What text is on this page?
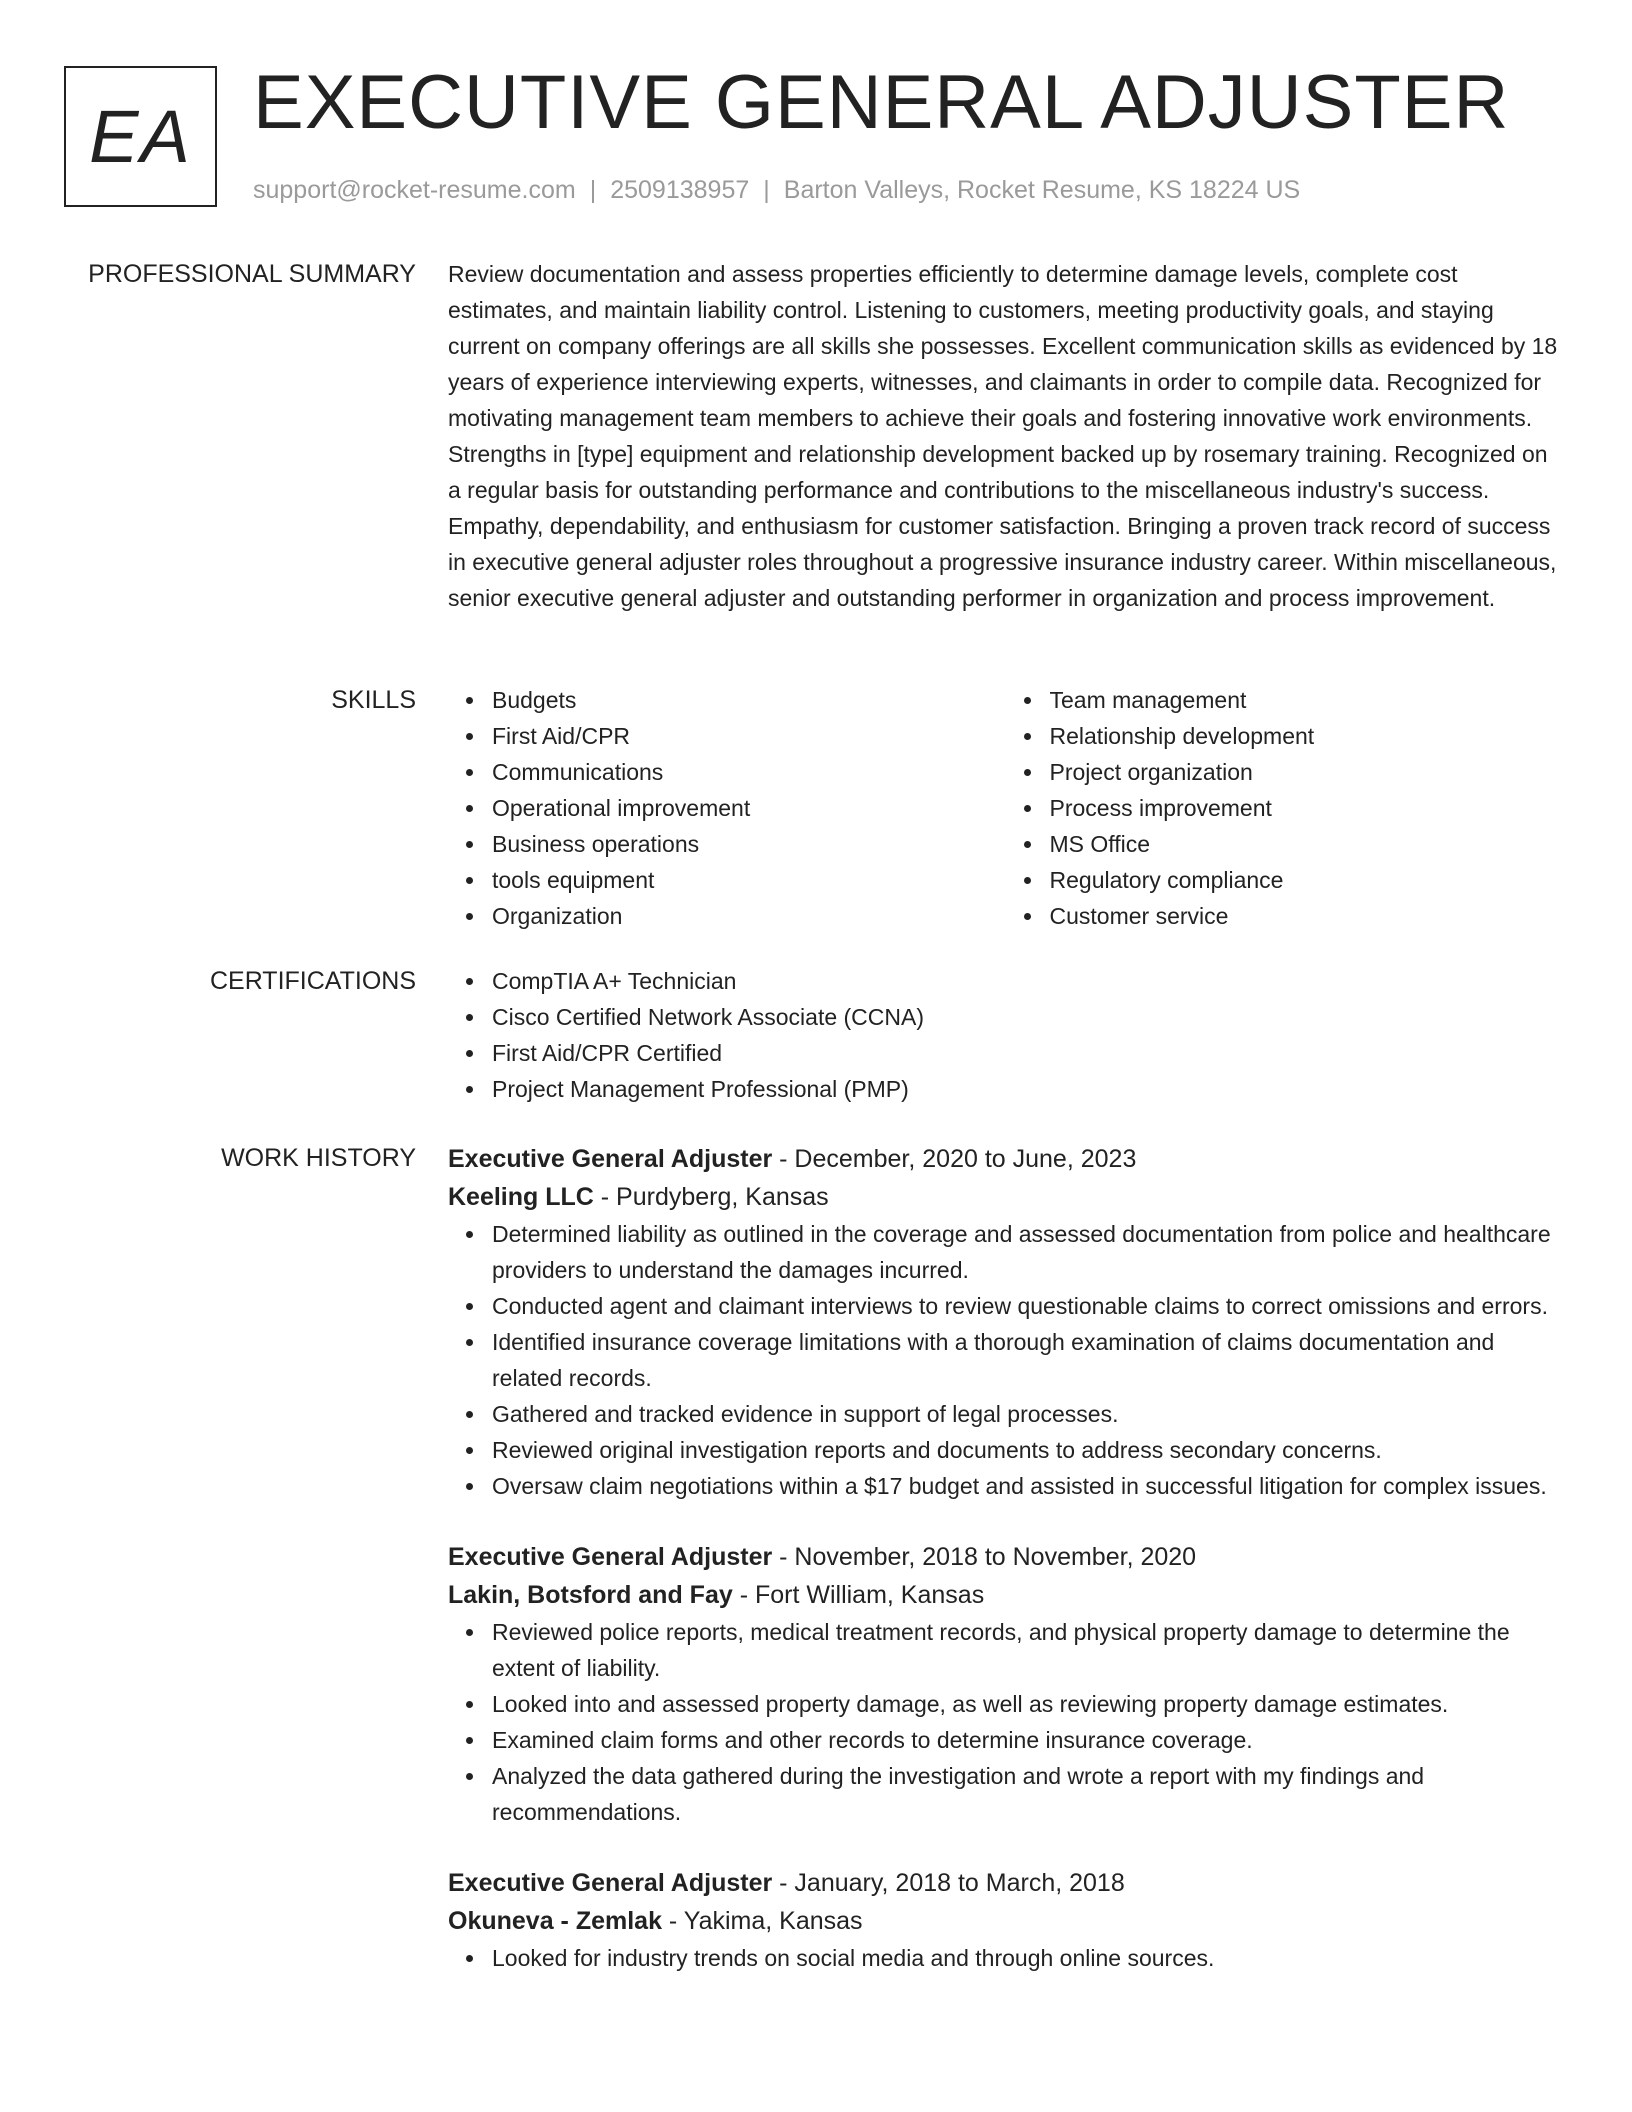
EA EXECUTIVE GENERAL ADJUSTER
support@rocket-resume.com | 2509138957 | Barton Valleys, Rocket Resume, KS 18224 US
PROFESSIONAL SUMMARY Review documentation and assess properties efficiently to determine damage levels, complete cost estimates, and maintain liability control. Listening to customers, meeting productivity goals, and staying current on company offerings are all skills she possesses. Excellent communication skills as evidenced by 18 years of experience interviewing experts, witnesses, and claimants in order to compile data. Recognized for motivating management team members to achieve their goals and fostering innovative work environments. Strengths in [type] equipment and relationship development backed up by rosemary training. Recognized on a regular basis for outstanding performance and contributions to the miscellaneous industry's success. Empathy, dependability, and enthusiasm for customer satisfaction. Bringing a proven track record of success in executive general adjuster roles throughout a progressive insurance industry career. Within miscellaneous, senior executive general adjuster and outstanding performer in organization and process improvement.

SKILLS	Budgets
First Aid/CPR
Communications
Operational improvement
Business operations
tools equipment
Organization
Team management
Relationship development
Project organization
Process improvement
MS Office
Regulatory compliance
Customer service
CERTIFICATIONS	CompTIA A+ Technician
Cisco Certified Network Associate (CCNA)
First Aid/CPR Certified
Project Management Professional (PMP)
WORK HISTORY Executive General Adjuster - December, 2020 to June, 2023
Keeling LLC - Purdyberg, Kansas
Determined liability as outlined in the coverage and assessed documentation from police and healthcare providers to understand the damages incurred.
Conducted agent and claimant interviews to review questionable claims to correct omissions and errors.
Identified insurance coverage limitations with a thorough examination of claims documentation and related records.
Gathered and tracked evidence in support of legal processes.
Reviewed original investigation reports and documents to address secondary concerns.
Oversaw claim negotiations within a $17 budget and assisted in successful litigation for complex issues.
Executive General Adjuster - November, 2018 to November, 2020
Lakin, Botsford and Fay - Fort William, Kansas
Reviewed police reports, medical treatment records, and physical property damage to determine the extent of liability.
Looked into and assessed property damage, as well as reviewing property damage estimates.
Examined claim forms and other records to determine insurance coverage.
Analyzed the data gathered during the investigation and wrote a report with my findings and recommendations.
Executive General Adjuster - January, 2018 to March, 2018
Okuneva - Zemlak - Yakima, Kansas
Looked for industry trends on social media and through online sources.
